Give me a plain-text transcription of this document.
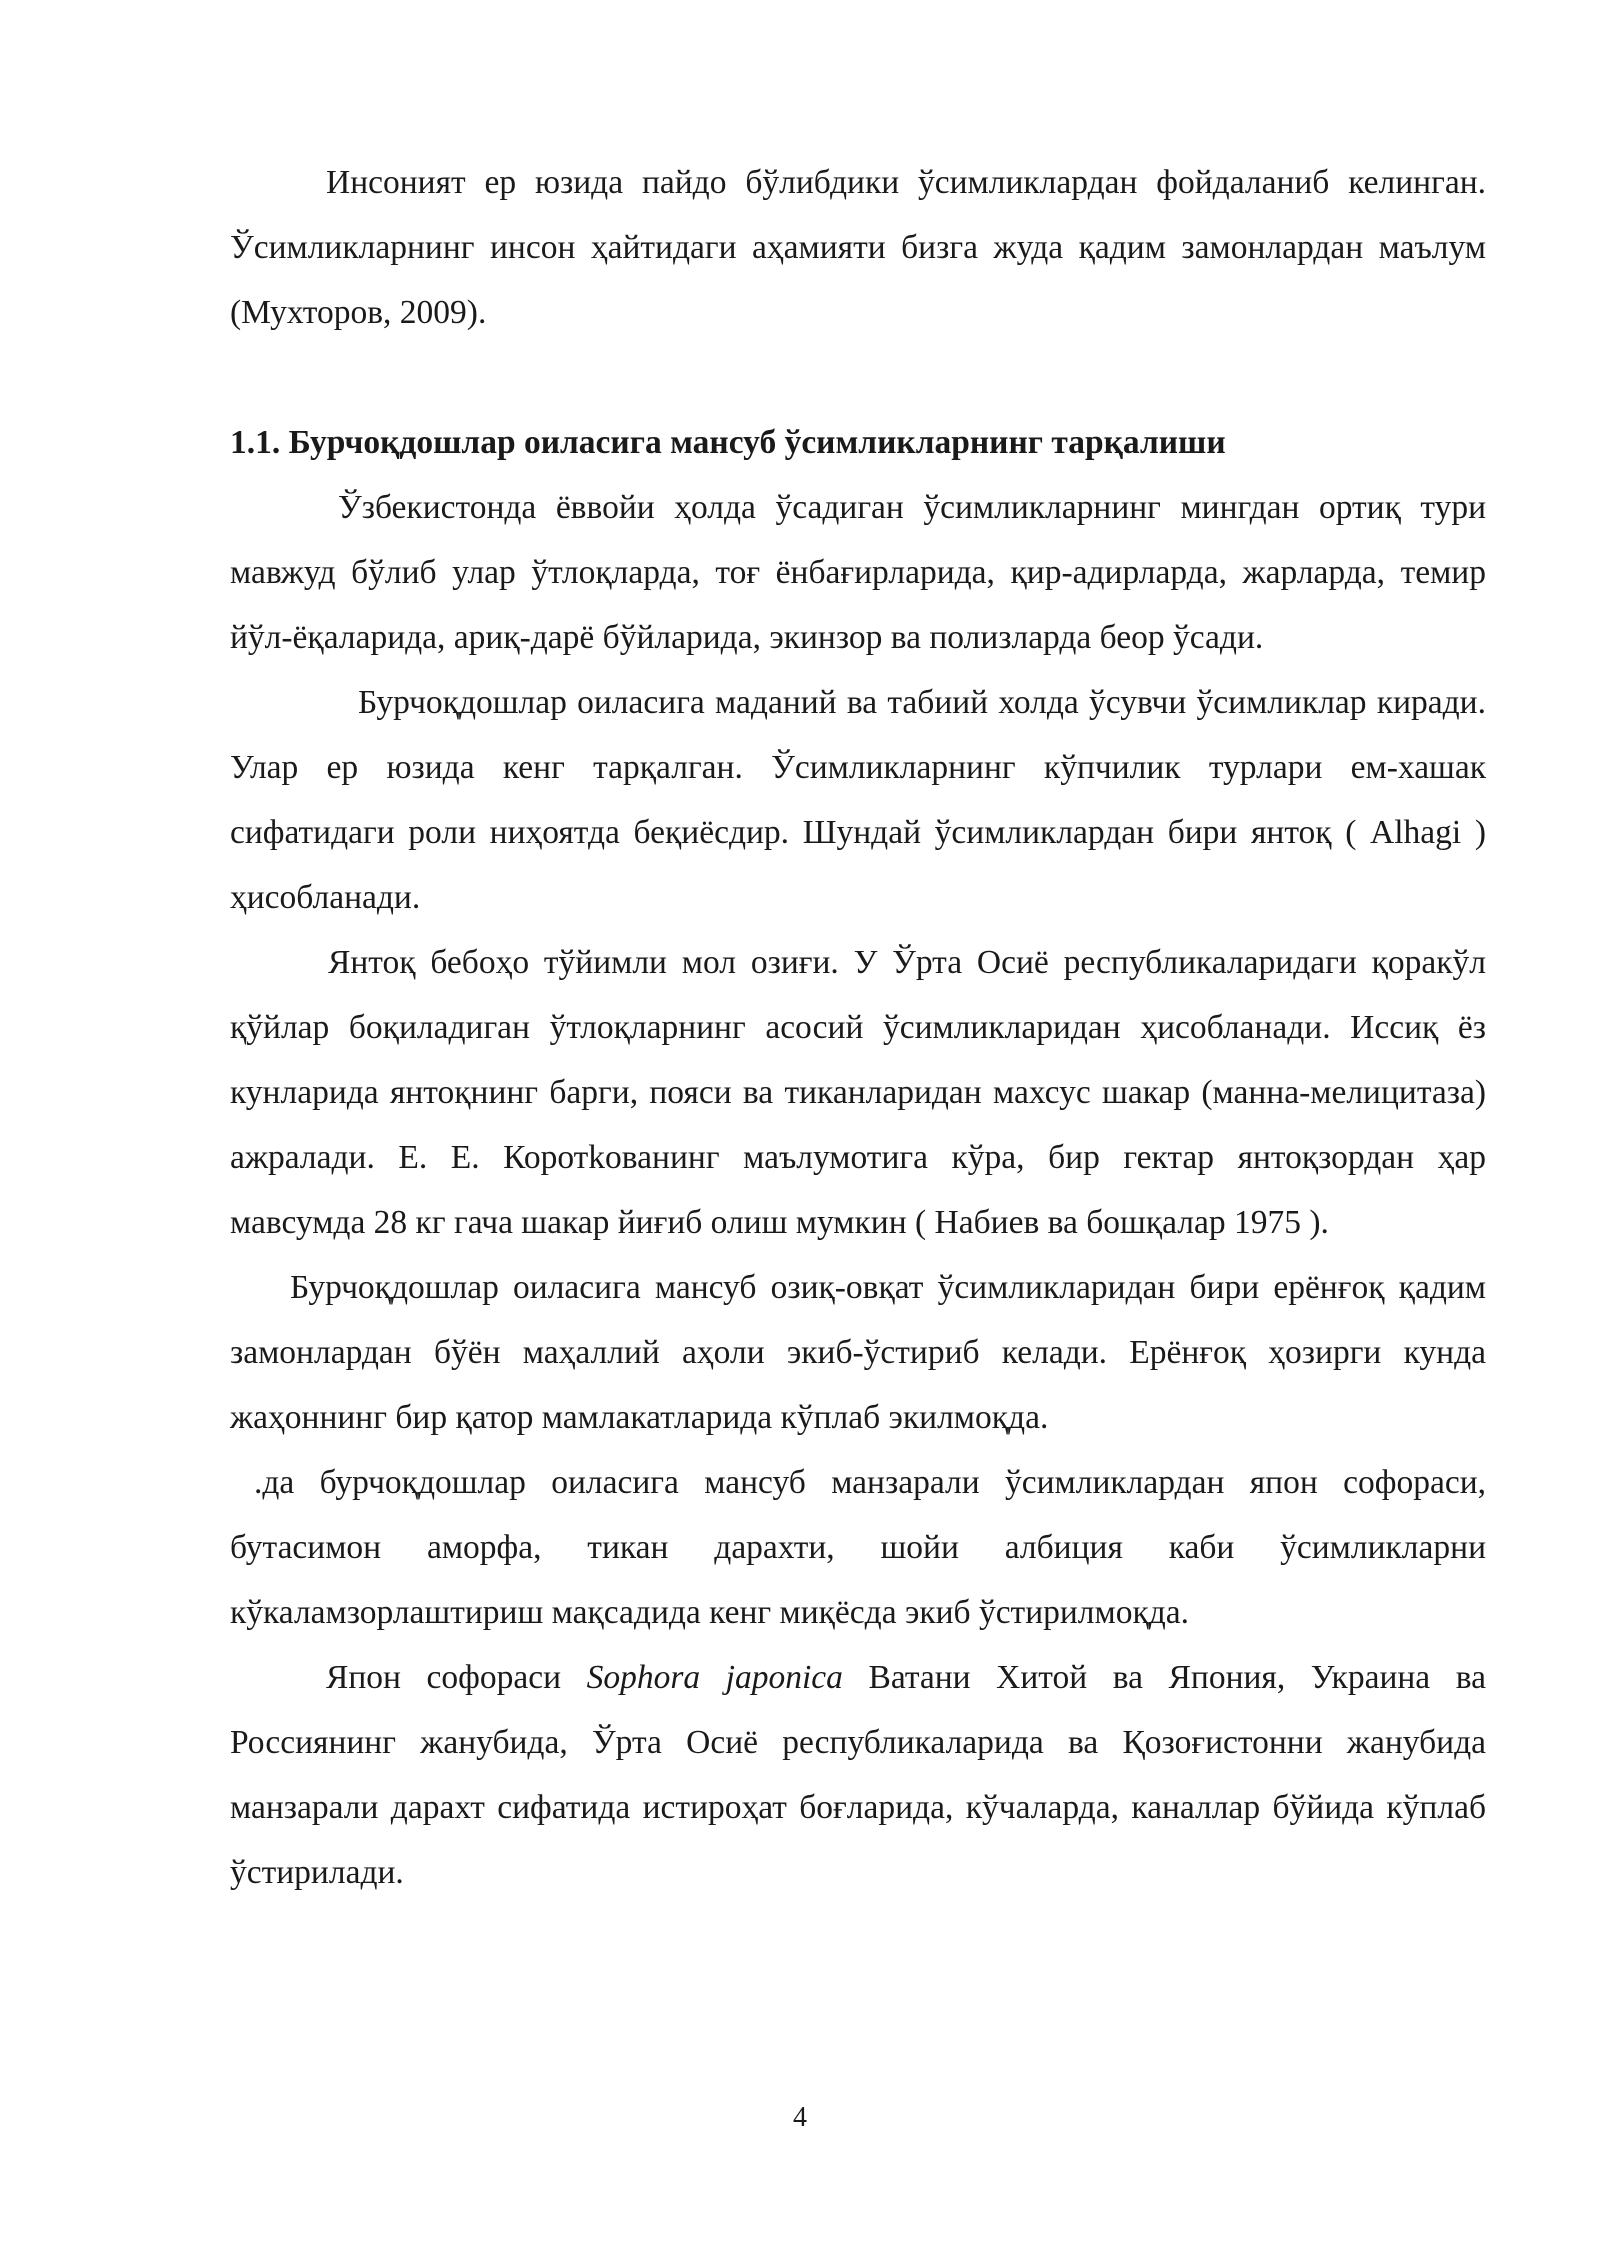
Инсоният ер юзида пайдо бўлибдики ўсимликлардан фойдаланиб келинган. Ўсимликларнинг инсон ҳайтидаги аҳамияти бизга жуда қадим замонлардан маълум (Мухторов, 2009).

1.1. Бурчоқдошлар оиласига мансуб ўсимликларнинг тарқалиши

Ўзбекистонда ёввойи ҳолда ўсадиган ўсимликларнинг мингдан ортиқ тури мавжуд бўлиб улар ўтлоқларда, тоғ ёнбағирларида, қир-адирларда, жарларда, темир йўл-ёқаларида, ариқ-дарё бўйларида, экинзор ва полизларда беор ўсади.

Бурчоқдошлар оиласига маданий ва табиий холда ўсувчи ўсимликлар киради. Улар ер юзида кенг тарқалган. Ўсимликларнинг кўпчилик турлари ем-хашак сифатидаги роли ниҳоятда беқиёсдир. Шундай ўсимликлардан бири янтоқ ( Alhagi ) ҳисобланади.

Янтоқ бебоҳо тўйимли мол озиғи. У Ўрта Осиё республикаларидаги қоракўл қўйлар боқиладиган ўтлоқларнинг асосий ўсимликларидан ҳисобланади. Иссиқ ёз кунларида янтоқнинг барги, пояси ва тиканларидан махсус шакар (манна-мелицитаза) ажралади. Е. Е. Коротkoванинг маълумотига кўра, бир гектар янтоқзордан ҳар мавсумда 28 кг гача шакар йиғиб олиш мумкин ( Набиев ва бошқалар 1975 ).

Бурчоқдошлар оиласига мансуб озиқ-овқат ўсимликларидан бири ерёнғоқ қадим замонлардан бўён маҳаллий аҳоли экиб-ўстириб келади. Ерёнғоқ ҳозирги кунда жаҳоннинг бир қатор мамлакатларида кўплаб экилмоқда.

.да бурчоқдошлар оиласига мансуб манзарали ўсимликлардан япон софораси, бутасимон аморфа, тикан дарахти, шойи албиция каби ўсимликларни кўкаламзорлаштириш мақсадида кенг миқёсда экиб ўстирилмоқда.

Япон софораси Sophora japonica Ватани Хитой ва Япония, Украина ва Россиянинг жанубида, Ўрта Осиё республикаларида ва Қозоғистонни жанубида манзарали дарахт сифатида истироҳат боғларида, кўчаларда, каналлар бўйида кўплаб ўстирилади.

4
